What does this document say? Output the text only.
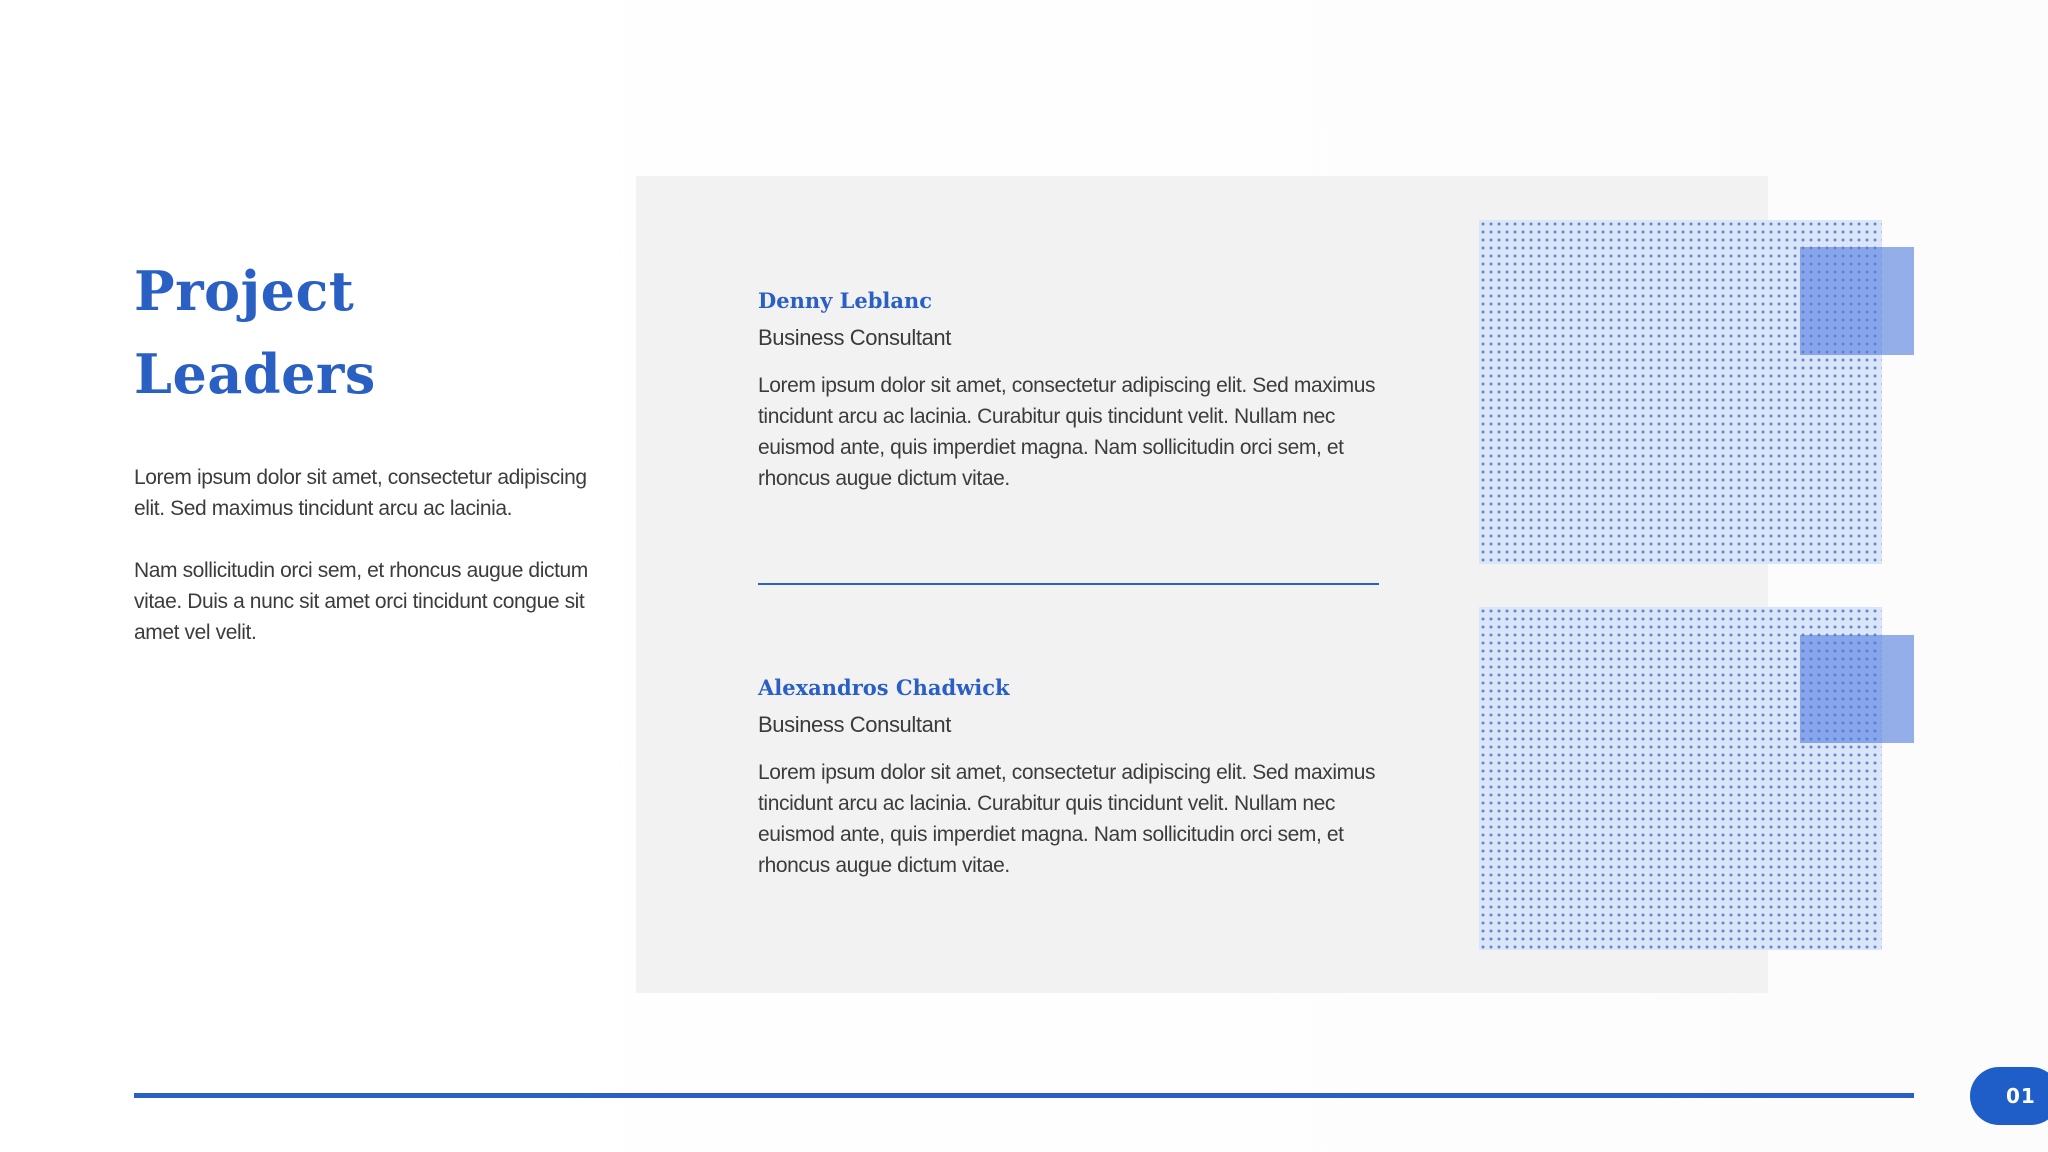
Project
Leaders

Lorem ipsum dolor sit amet, consectetur adipiscing elit. Sed maximus tincidunt arcu ac lacinia.

Nam sollicitudin orci sem, et rhoncus augue dictum vitae. Duis a nunc sit amet orci tincidunt congue sit amet vel velit.

Denny Leblanc

Business Consultant

Lorem ipsum dolor sit amet, consectetur adipiscing elit. Sed maximus tincidunt arcu ac lacinia. Curabitur quis tincidunt velit. Nullam nec euismod ante, quis imperdiet magna. Nam sollicitudin orci sem, et rhoncus augue dictum vitae.

Alexandros Chadwick

Business Consultant

Lorem ipsum dolor sit amet, consectetur adipiscing elit. Sed maximus tincidunt arcu ac lacinia. Curabitur quis tincidunt velit. Nullam nec euismod ante, quis imperdiet magna. Nam sollicitudin orci sem, et rhoncus augue dictum vitae.

01
